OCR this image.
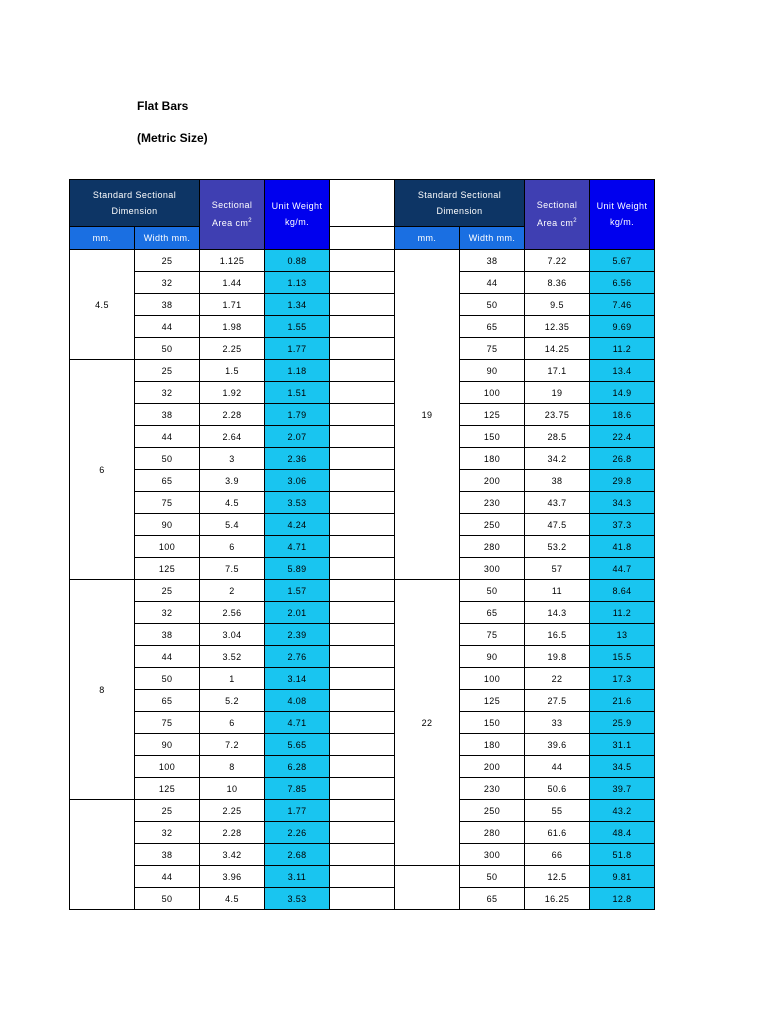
Flat Bars
(Metric Size)
Standard Sectional Dimension		Sectional Area $cm^2$	Unit Weight kg/m.		Standard Sectional Dimension		Sectional Area $cm^2$	Unit Weight kg/m.
mm.	Width mm.				mm.	Width mm.		
4.5	25	1.125	0.88		19	38	7.22	5.67
	32	1.44	1.13			44	8.36	6.56
	38	1.71	1.34			50	9.5	7.46
	44	1.98	1.55			65	12.35	9.69
	50	2.25	1.77			75	14.25	11.2
6	25	1.5	1.18			90	17.1	13.4
	32	1.92	1.51			100	19	14.9
	38	2.28	1.79			125	23.75	18.6
	44	2.64	2.07			150	28.5	22.4
	50	3	2.36			180	34.2	26.8
	65	3.9	3.06			200	38	29.8
	75	4.5	3.53			230	43.7	34.3
	90	5.4	4.24			250	47.5	37.3
	100	6	4.71			280	53.2	41.8
	125	7.5	5.89			300	57	44.7
8	25	2	1.57		22	50	11	8.64
	32	2.56	2.01			65	14.3	11.2
	38	3.04	2.39			75	16.5	13
	44	3.52	2.76			90	19.8	15.5
	50	1	3.14			100	22	17.3
	65	5.2	4.08			125	27.5	21.6
	75	6	4.71			150	33	25.9
	90	7.2	5.65			180	39.6	31.1
	100	8	6.28			200	44	34.5
	125	10	7.85			230	50.6	39.7
	25	2.25	1.77			250	55	43.2
	32	2.28	2.26			280	61.6	48.4
	38	3.42	2.68			300	66	51.8
	44	3.96	3.11			50	12.5	9.81
	50	4.5	3.53			65	16.25	12.8
